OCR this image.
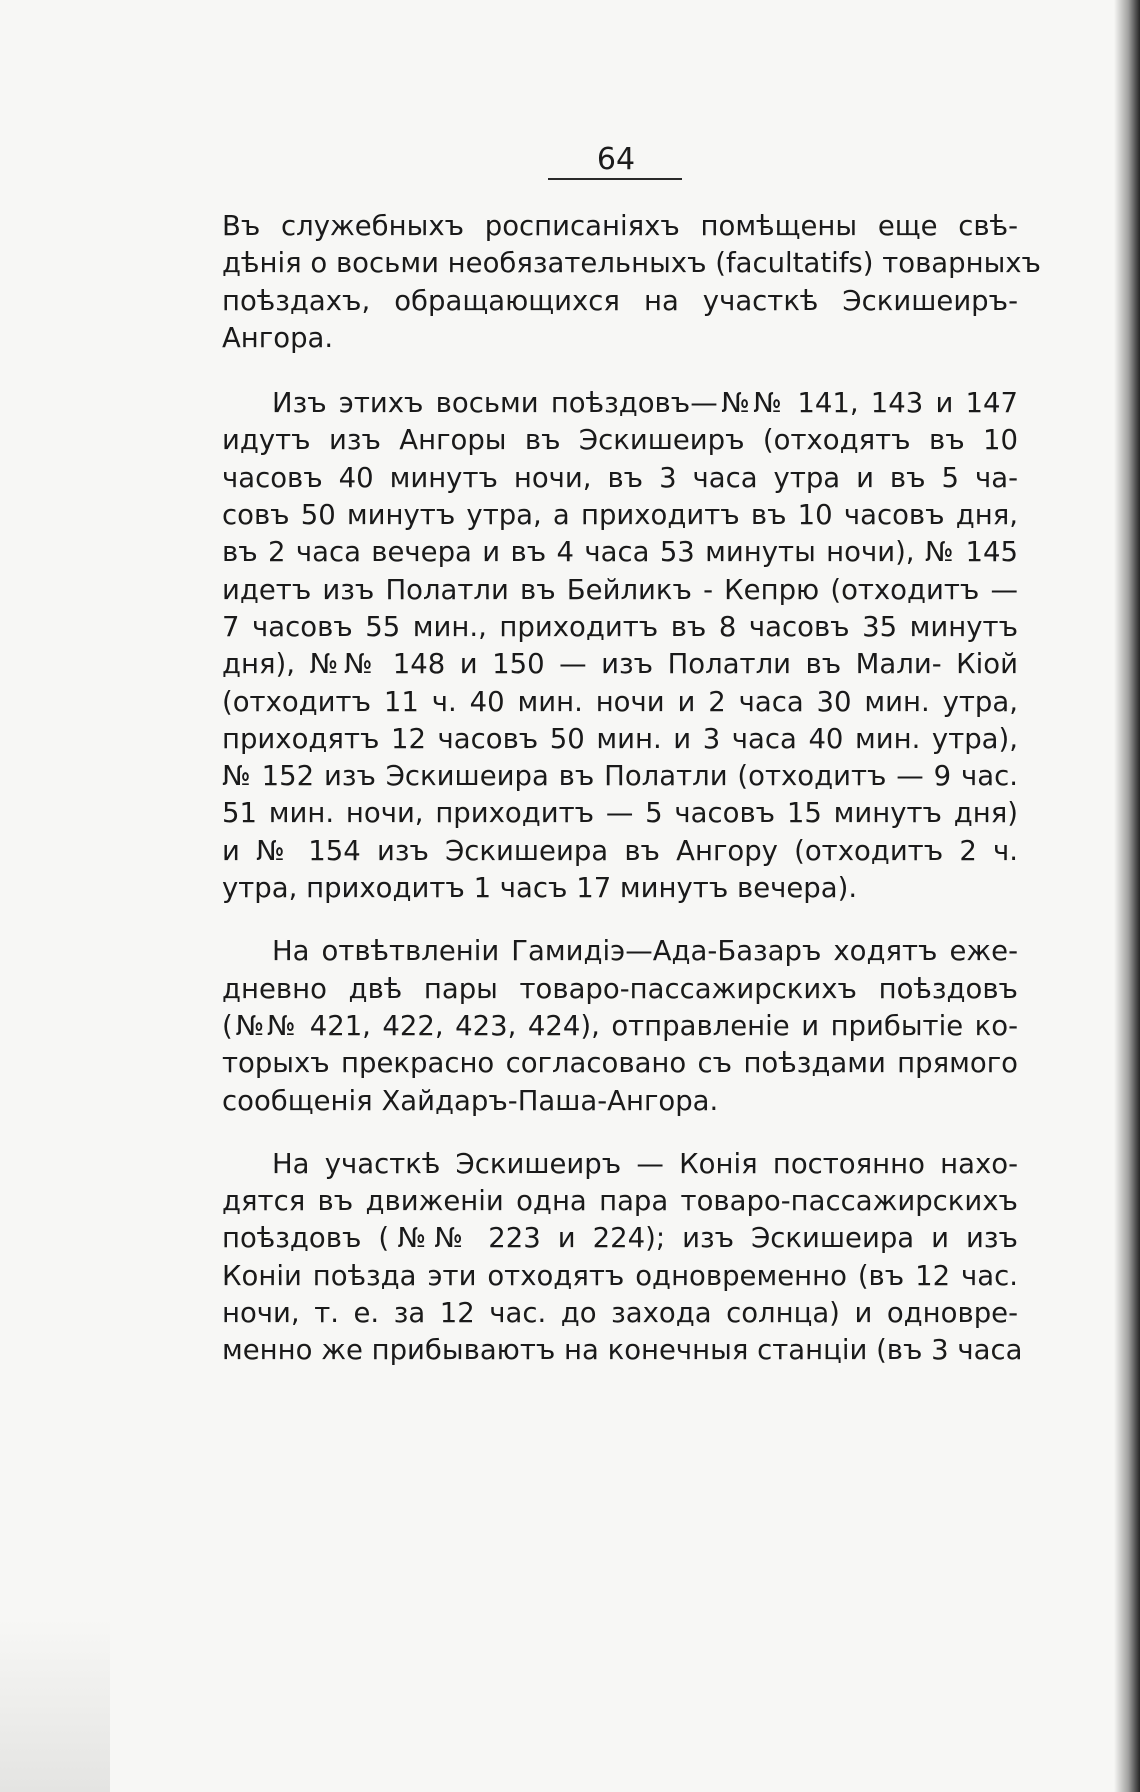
64
Въ служебныхъ росписаніяхъ помѣщены еще свѣ-
дѣнія о восьми необязательныхъ (facultatifs) товарныхъ
поѣздахъ, обращающихся на участкѣ Эскишеиръ-
Ангора.
Изъ этихъ восьми поѣздовъ—№№ 141, 143 и 147
идутъ изъ Ангоры въ Эскишеиръ (отходятъ въ 10
часовъ 40 минутъ ночи, въ 3 часа утра и въ 5 ча-
совъ 50 минутъ утра, а приходитъ въ 10 часовъ дня,
въ 2 часа вечера и въ 4 часа 53 минуты ночи), № 145
идетъ изъ Полатли въ Бейликъ - Кепрю (отходитъ —
7 часовъ 55 мин., приходитъ въ 8 часовъ 35 минутъ
дня), №№ 148 и 150 — изъ Полатли въ Мали- Кіой
(отходитъ 11 ч. 40 мин. ночи и 2 часа 30 мин. утра,
приходятъ 12 часовъ 50 мин. и 3 часа 40 мин. утра),
№ 152 изъ Эскишеира въ Полатли (отходитъ — 9 час.
51 мин. ночи, приходитъ — 5 часовъ 15 минутъ дня)
и № 154 изъ Эскишеира въ Ангору (отходитъ 2 ч.
утра, приходитъ 1 часъ 17 минутъ вечера).
На отвѣтвленіи Гамидіэ—Ада-Базаръ ходятъ еже-
дневно двѣ пары товаро-пассажирскихъ поѣздовъ
(№№ 421, 422, 423, 424), отправленіе и прибытіе ко-
торыхъ прекрасно согласовано съ поѣздами прямого
сообщенія Хайдаръ-Паша-Ангора.
На участкѣ Эскишеиръ — Конія постоянно нахо-
дятся въ движеніи одна пара товаро-пассажирскихъ
поѣздовъ (№№ 223 и 224); изъ Эскишеира и изъ
Коніи поѣзда эти отходятъ одновременно (въ 12 час.
ночи, т. е. за 12 час. до захода солнца) и одновре-
менно же прибываютъ на конечныя станціи (въ 3 часа
